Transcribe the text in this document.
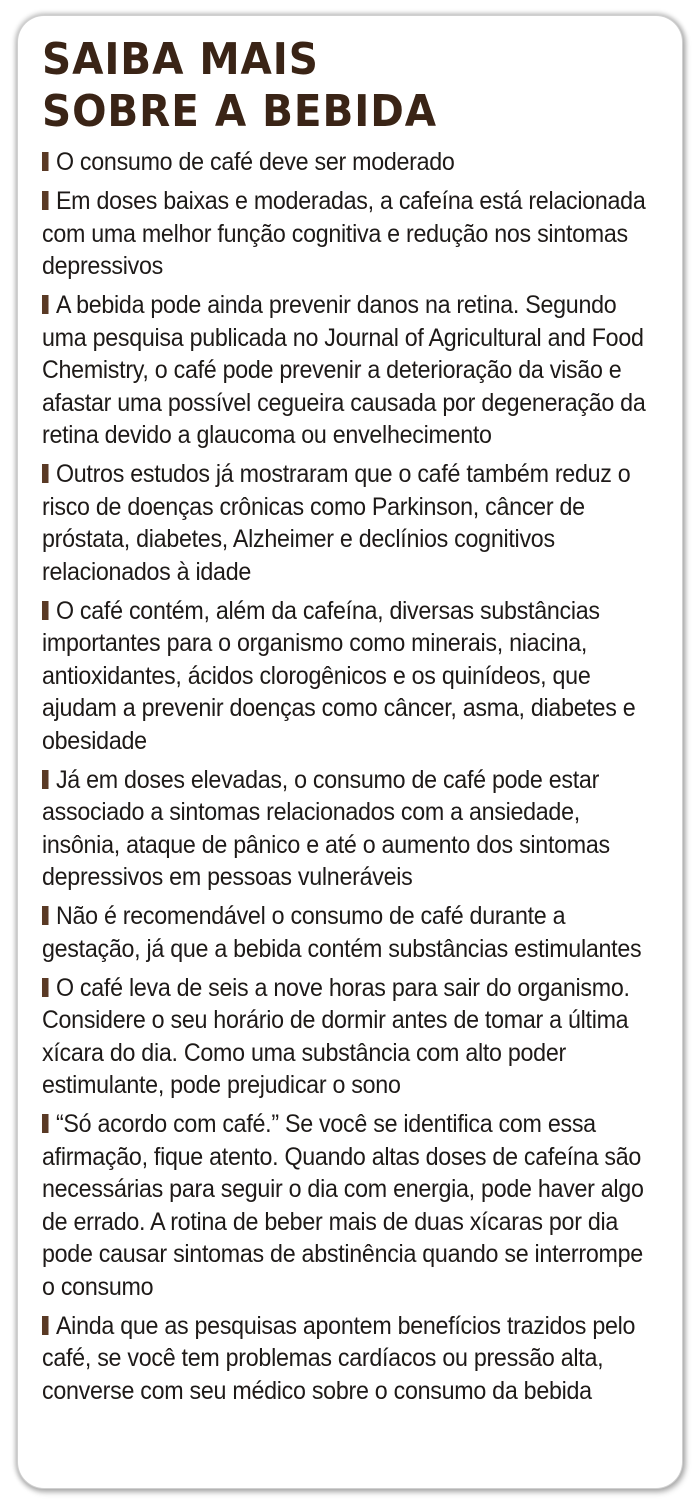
SAIBA MAIS
SOBRE A BEBIDA
O consumo de café deve ser moderado
Em doses baixas e moderadas, a cafeína está relacionada com uma melhor função cognitiva e redução nos sintomas depressivos
A bebida pode ainda prevenir danos na retina. Segundo uma pesquisa publicada no Journal of Agricultural and Food Chemistry, o café pode prevenir a deterioração da visão e afastar uma possível cegueira causada por degeneração da retina devido a glaucoma ou envelhecimento
Outros estudos já mostraram que o café também reduz o risco de doenças crônicas como Parkinson, câncer de próstata, diabetes, Alzheimer e declínios cognitivos relacionados à idade
O café contém, além da cafeína, diversas substâncias importantes para o organismo como minerais, niacina, antioxidantes, ácidos clorogênicos e os quinídeos, que ajudam a prevenir doenças como câncer, asma, diabetes e obesidade
Já em doses elevadas, o consumo de café pode estar associado a sintomas relacionados com a ansiedade, insônia, ataque de pânico e até o aumento dos sintomas depressivos em pessoas vulneráveis
Não é recomendável o consumo de café durante a gestação, já que a bebida contém substâncias estimulantes
O café leva de seis a nove horas para sair do organismo. Considere o seu horário de dormir antes de tomar a última xícara do dia. Como uma substância com alto poder estimulante, pode prejudicar o sono
“Só acordo com café.” Se você se identifica com essa afirmação, fique atento. Quando altas doses de cafeína são necessárias para seguir o dia com energia, pode haver algo de errado. A rotina de beber mais de duas xícaras por dia pode causar sintomas de abstinência quando se interrompe o consumo
Ainda que as pesquisas apontem benefícios trazidos pelo café, se você tem problemas cardíacos ou pressão alta, converse com seu médico sobre o consumo da bebida
